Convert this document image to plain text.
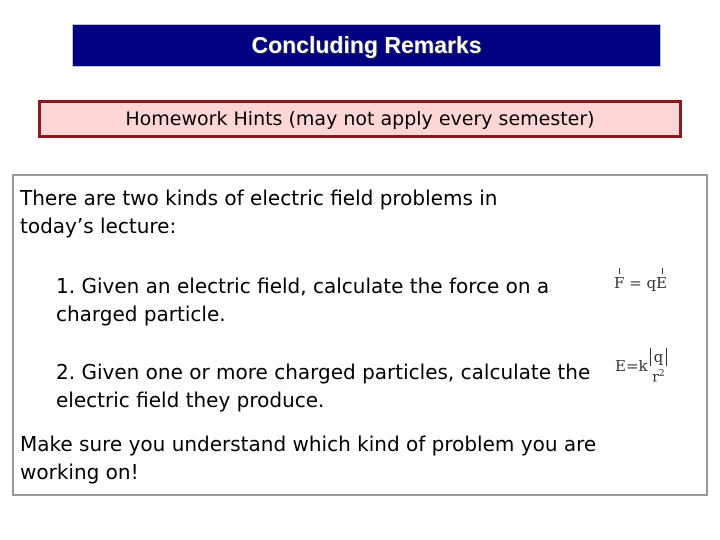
Concluding Remarks
Homework Hints (may not apply every semester)

There are two kinds of electric field problems in today’s lecture:

1. Given an electric field, calculate the force on a charged particle.

2. Given one or more charged particles, calculate the electric field they produce.

Make sure you understand which kind of problem you are working on!

F = qE
E=k q
$r^2$
